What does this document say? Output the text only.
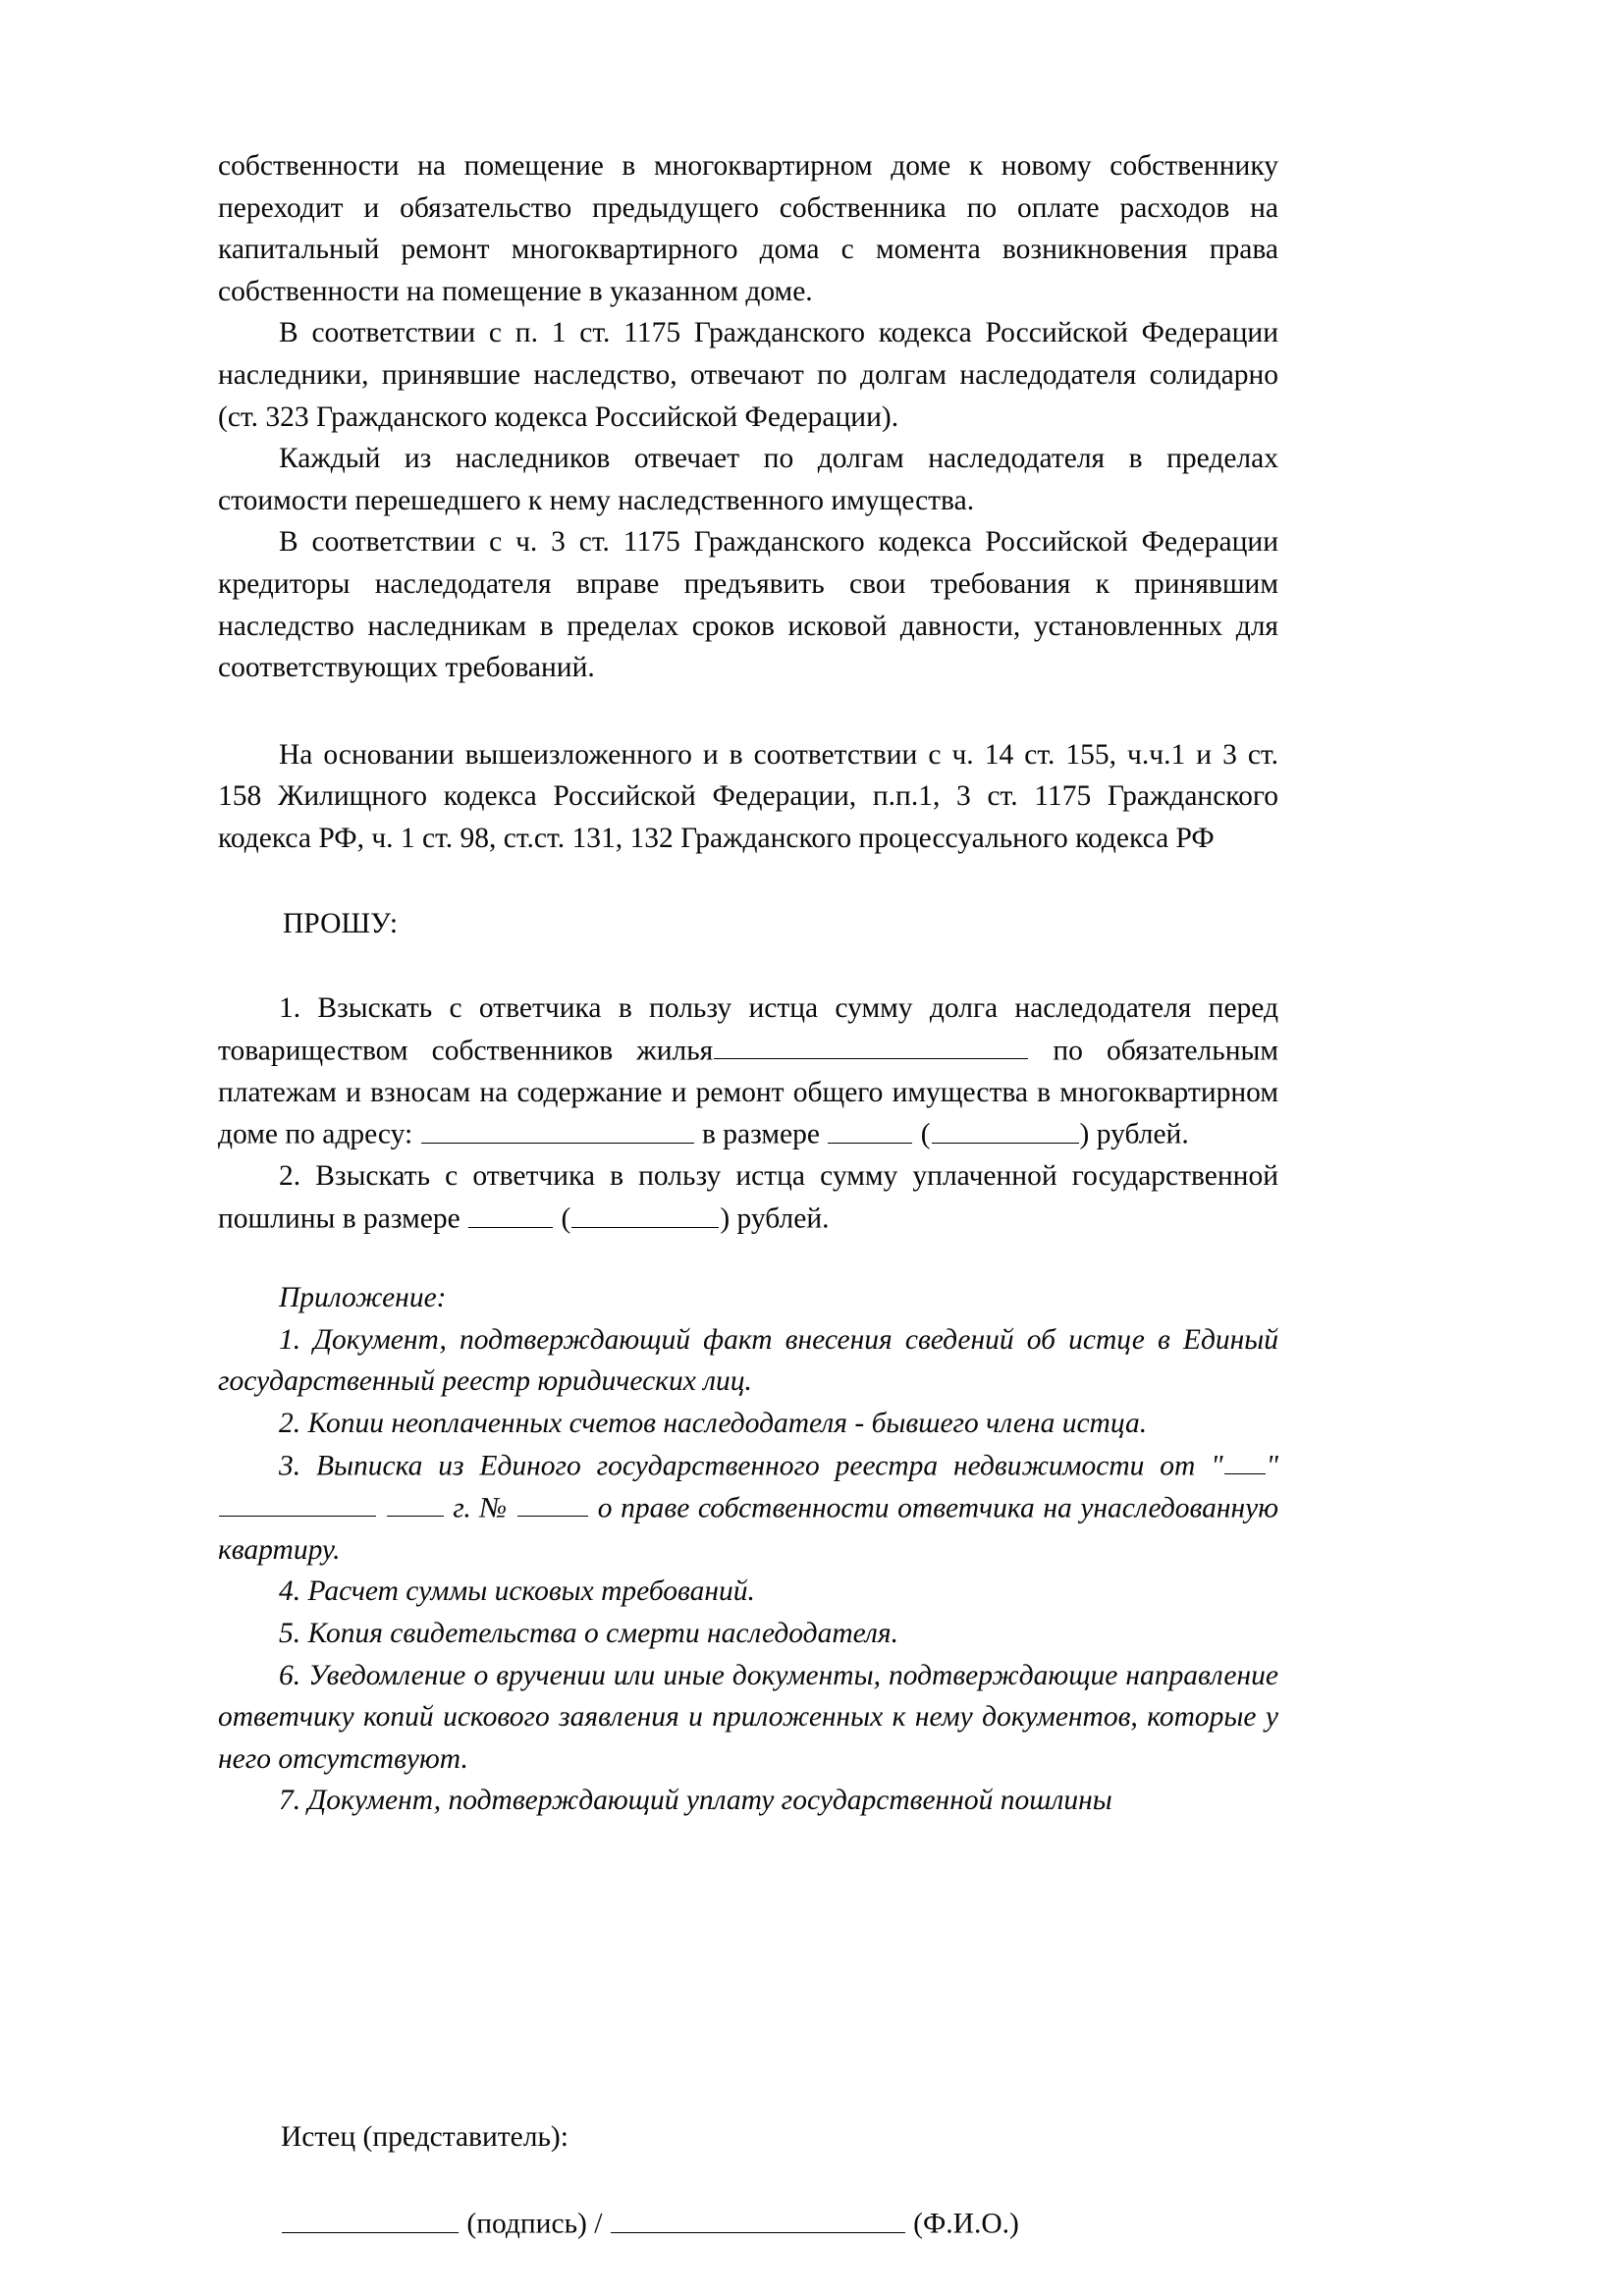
собственности на помещение в многоквартирном доме к новому собственнику переходит и обязательство предыдущего собственника по оплате расходов на капитальный ремонт многоквартирного дома с момента возникновения права собственности на помещение в указанном доме.

В соответствии с п. 1 ст. 1175 Гражданского кодекса Российской Федерации наследники, принявшие наследство, отвечают по долгам наследодателя солидарно (ст. 323 Гражданского кодекса Российской Федерации).

Каждый из наследников отвечает по долгам наследодателя в пределах стоимости перешедшего к нему наследственного имущества.

В соответствии с ч. 3 ст. 1175 Гражданского кодекса Российской Федерации кредиторы наследодателя вправе предъявить свои требования к принявшим наследство наследникам в пределах сроков исковой давности, установленных для соответствующих требований.

На основании вышеизложенного и в соответствии с ч. 14 ст. 155, ч.ч.1 и 3 ст. 158 Жилищного кодекса Российской Федерации, п.п.1, 3 ст. 1175 Гражданского кодекса РФ, ч. 1 ст. 98, ст.ст. 131, 132 Гражданского процессуального кодекса РФ

ПРОШУ:

1. Взыскать с ответчика в пользу истца сумму долга наследодателя перед товариществом собственников жилья	по обязательным платежам и взносам на содержание и ремонт общего имущества в многоквартирном доме по адресу:	в размере	(	) рублей.

2. Взыскать с ответчика в пользу истца сумму уплаченной государственной пошлины в размере	(	) рублей.

Приложение:

1. Документ, подтверждающий факт внесения сведений об истце в Единый государственный реестр юридических лиц.

2. Копии неоплаченных счетов наследодателя - бывшего члена истца.

3. Выписка из Единого государственного реестра недвижимости от " "  г. №	о праве собственности ответчика на унаследованную квартиру.

4. Расчет суммы исковых требований.

5. Копия свидетельства о смерти наследодателя.

6. Уведомление о вручении или иные документы, подтверждающие направление ответчику копий искового заявления и приложенных к нему документов, которые у него отсутствуют.

7. Документ, подтверждающий уплату государственной пошлины

Истец (представитель):

(подпись) /	(Ф.И.О.)
